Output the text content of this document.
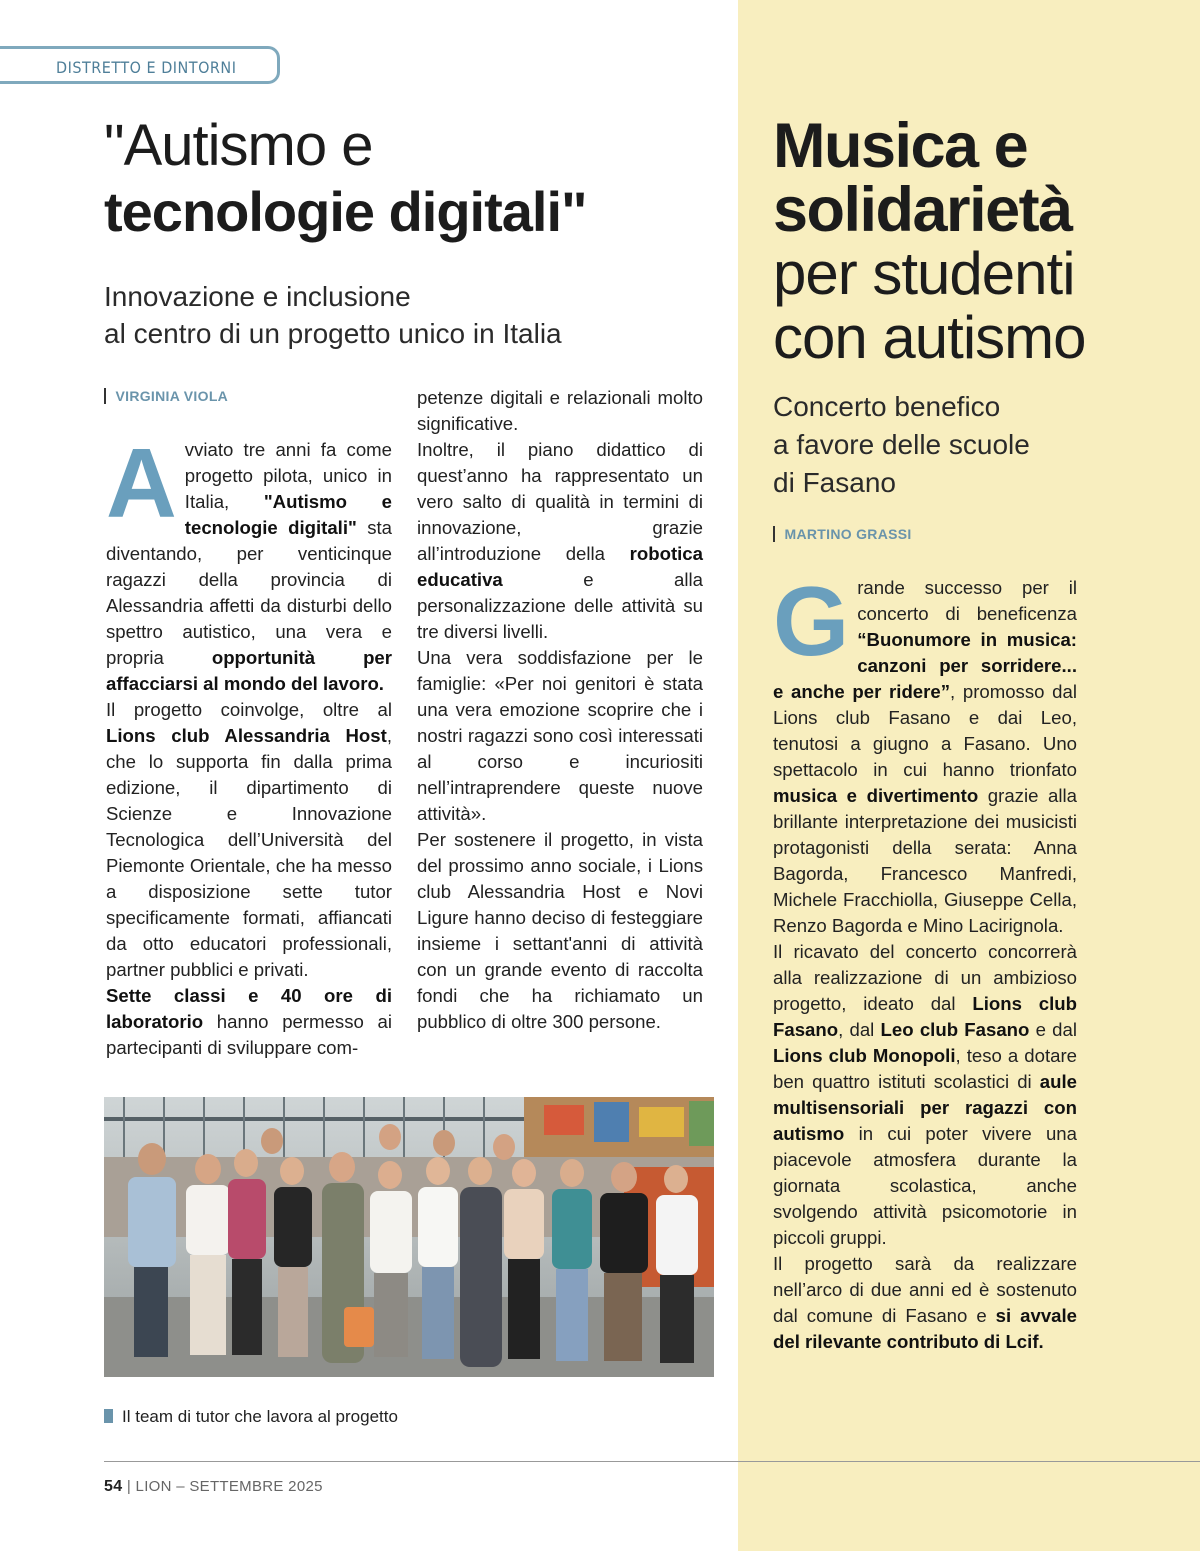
DISTRETTO E DINTORNI
"Autismo e
tecnologie digitali"
Innovazione e inclusione
al centro di un progetto unico in Italia
VIRGINIA VIOLA

Avviato tre anni fa come progetto pilota, unico in Italia, "Autismo e tecnologie digitali" sta diventando, per venticinque ragazzi della provincia di Alessandria affetti da disturbi dello spettro autistico, una vera e propria opportunità per affacciarsi al mondo del lavoro.

Il progetto coinvolge, oltre al Lions club Alessandria Host, che lo supporta fin dalla prima edizione, il dipartimento di Scienze e Innovazione Tecnologica dell’Università del Piemonte Orientale, che ha messo a disposizione sette tutor specificamente formati, affiancati da otto educatori professionali, partner pubblici e privati.

Sette classi e 40 ore di laboratorio hanno permesso ai partecipanti di sviluppare com-

petenze digitali e relazionali molto significative.

Inoltre, il piano didattico di quest’anno ha rappresentato un vero salto di qualità in termini di innovazione, grazie all’introduzione della robotica educativa e alla personalizzazione delle attività su tre diversi livelli.

Una vera soddisfazione per le famiglie: «Per noi genitori è stata una vera emozione scoprire che i nostri ragazzi sono così interessati al corso e incuriositi nell’intraprendere queste nuove attività».

Per sostenere il progetto, in vista del prossimo anno sociale, i Lions club Alessandria Host e Novi Ligure hanno deciso di festeggiare insieme i settant'anni di attività con un grande evento di raccolta fondi che ha richiamato un pubblico di oltre 300 persone.

Il team di tutor che lavora al progetto
Musica e
solidarietà
per studenti
con autismo
Concerto benefico
a favore delle scuole
di Fasano
MARTINO GRASSI

Grande successo per il concerto di beneficenza “Buonumore in musica: canzoni per sorridere... e anche per ridere”, promosso dal Lions club Fasano e dai Leo, tenutosi a giugno a Fasano. Uno spettacolo in cui hanno trionfato musica e divertimento grazie alla brillante interpretazione dei musicisti protagonisti della serata: Anna Bagorda, Francesco Manfredi, Michele Fracchiolla, Giuseppe Cella, Renzo Bagorda e Mino Lacirignola.

Il ricavato del concerto concorrerà alla realizzazione di un ambizioso progetto, ideato dal Lions club Fasano, dal Leo club Fasano e dal Lions club Monopoli, teso a dotare ben quattro istituti scolastici di aule multisensoriali per ragazzi con autismo in cui poter vivere una piacevole atmosfera durante la giornata scolastica, anche svolgendo attività psicomotorie in piccoli gruppi.

Il progetto sarà da realizzare nell’arco di due anni ed è sostenuto dal comune di Fasano e si avvale del rilevante contributo di Lcif.

54 | LION – SETTEMBRE 2025
